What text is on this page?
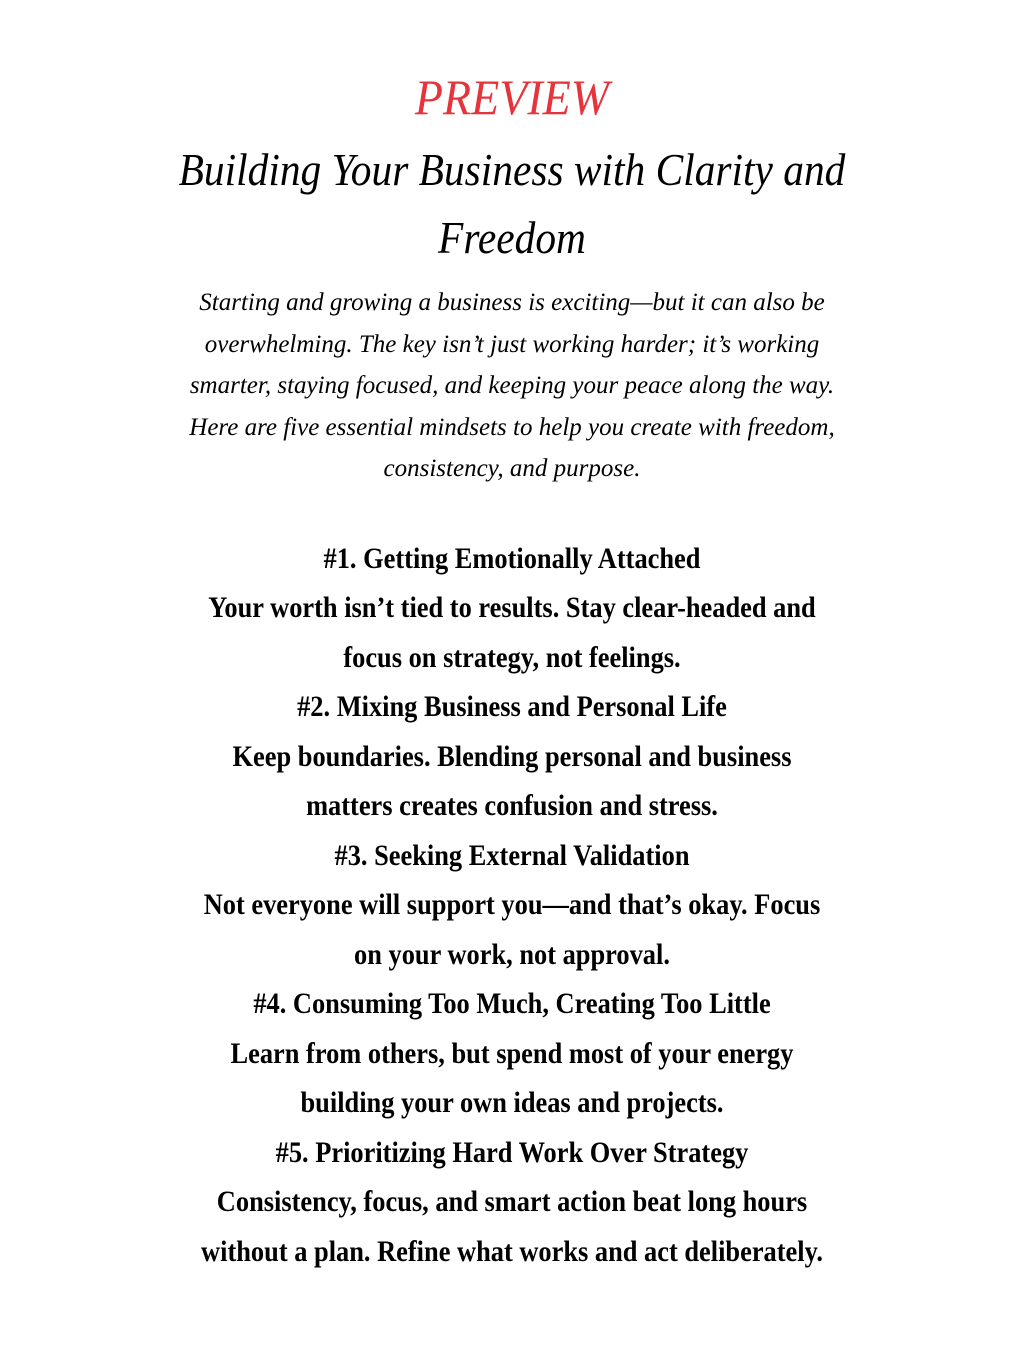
PREVIEW
Building Your Business with Clarity and
Freedom
Starting and growing a business is exciting—but it can also be
overwhelming. The key isn’t just working harder; it’s working
smarter, staying focused, and keeping your peace along the way.
Here are five essential mindsets to help you create with freedom,
consistency, and purpose.
#1. Getting Emotionally Attached
Your worth isn’t tied to results. Stay clear-headed and
focus on strategy, not feelings.
#2. Mixing Business and Personal Life
Keep boundaries. Blending personal and business
matters creates confusion and stress.
#3. Seeking External Validation
Not everyone will support you—and that’s okay. Focus
on your work, not approval.
#4. Consuming Too Much, Creating Too Little
Learn from others, but spend most of your energy
building your own ideas and projects.
#5. Prioritizing Hard Work Over Strategy
Consistency, focus, and smart action beat long hours
without a plan. Refine what works and act deliberately.
